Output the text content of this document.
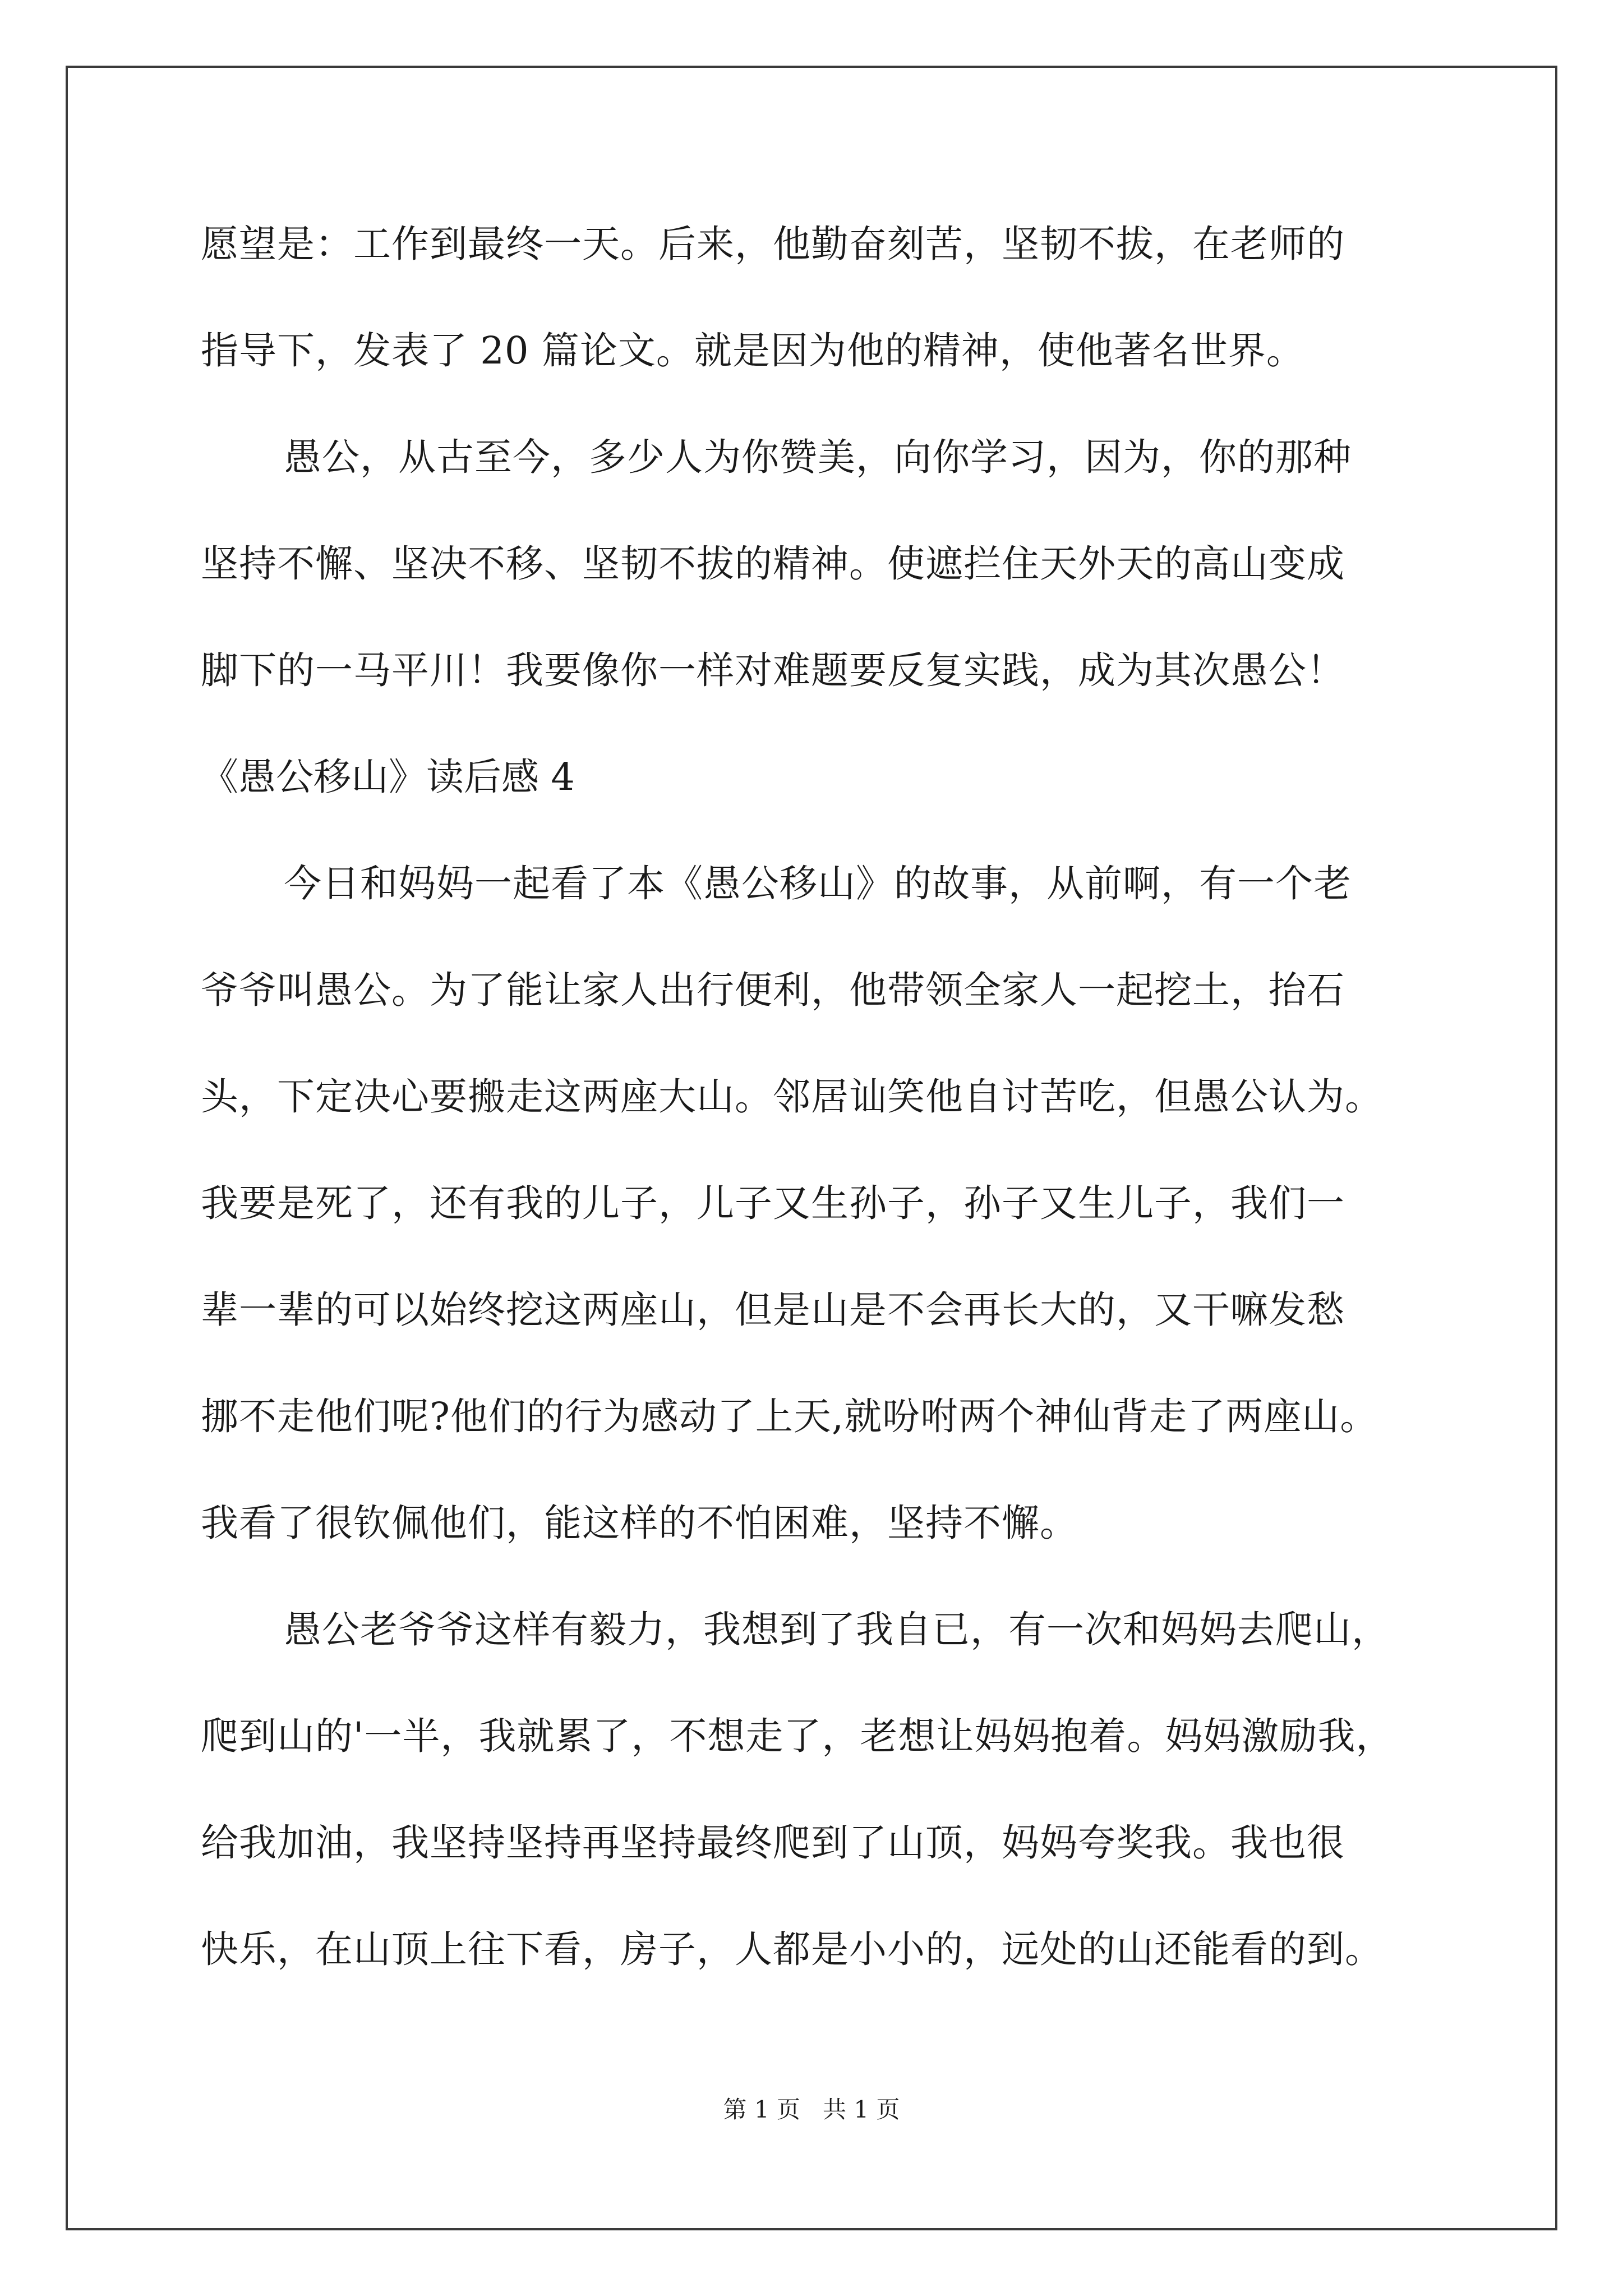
愿望是：工作到最终一天。后来，他勤奋刻苦，坚韧不拔，在老师的
指导下，发表了 20 篇论文。就是因为他的精神，使他著名世界。
愚公，从古至今，多少人为你赞美，向你学习，因为，你的那种
坚持不懈、坚决不移、坚韧不拔的精神。使遮拦住天外天的高山变成
脚下的一马平川！我要像你一样对难题要反复实践，成为其次愚公！
《愚公移山》读后感 4
今日和妈妈一起看了本《愚公移山》的故事，从前啊，有一个老
爷爷叫愚公。为了能让家人出行便利，他带领全家人一起挖土，抬石
头，下定决心要搬走这两座大山。邻居讪笑他自讨苦吃，但愚公认为。
我要是死了，还有我的儿子，儿子又生孙子，孙子又生儿子，我们一
辈一辈的可以始终挖这两座山，但是山是不会再长大的，又干嘛发愁
挪不走他们呢?他们的行为感动了上天,就吩咐两个神仙背走了两座山。
我看了很钦佩他们，能这样的不怕困难，坚持不懈。
愚公老爷爷这样有毅力，我想到了我自已，有一次和妈妈去爬山，
爬到山的'一半，我就累了，不想走了，老想让妈妈抱着。妈妈激励我，
给我加油，我坚持坚持再坚持最终爬到了山顶，妈妈夸奖我。我也很
快乐，在山顶上往下看，房子，人都是小小的，远处的山还能看的到。
第 1 页   共 1 页
